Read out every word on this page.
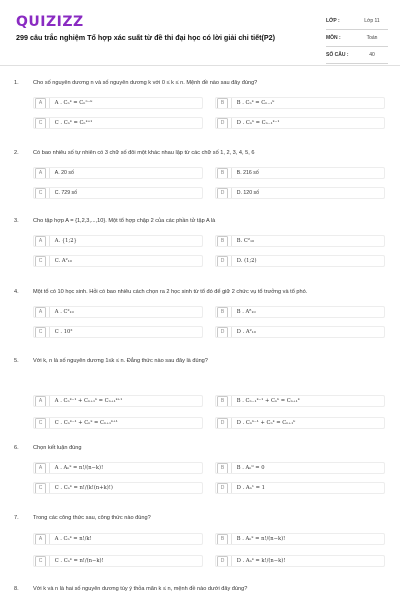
QUIZIZZ
299 câu trắc nghiệm Tổ hợp xác suất từ đề thi đại học có lời giải chi tiết(P2)
LỚP :	Lớp 11
MÔN :	Toán
SỐ CÂU :	40
1.	Cho số nguyên dương n và số nguyên dương k với 0 ≤ k ≤ n. Mệnh đề nào sau đây đúng?
A	A . Cₙᵏ = Cₙⁿ⁻ᵏ	B	B . Cₙᵏ = Cₙ₋₁ᵏ
C	C . Cₙᵏ = Cₙᵏ⁺¹	D	D . Cₙᵏ = Cₙ₋₁ᵏ⁻¹
2.	Có bao nhiêu số tự nhiên có 3 chữ số đôi một khác nhau lập từ các chữ số 1, 2, 3, 4, 5, 6
A	A. 20 số	B	B. 216 số
C	C. 729 số	D	D. 120 số
3.	Cho tập hợp A = {1,2,3,...,10}. Một tổ hợp chập 2 của các phần tử tập A là
A	A. {1;2}	B	B. C²₁₀
C	C. A²₁₀	D	D. (1;2)
4.	Một tổ có 10 học sinh. Hỏi có bao nhiêu cách chọn ra 2 học sinh từ tổ đó để giữ 2 chức vụ tổ trưởng và tổ phó.
A	A . C²₁₀	B	B . A⁸₁₀
C	C . 10²	D	D . A²₁₀
5.	Với k, n là số nguyên dương 1≤k ≤ n. Đẳng thức nào sau đây là đúng?
A	A . Cₙᵏ⁻¹ + Cₙ₊₁ᵏ = Cₙ₊₁ᵏ⁺¹	B	B . Cₙ₋₁ᵏ⁻¹ + Cₙᵏ = Cₙ₊₁ᵏ
C	C . Cₙᵏ⁻¹ + Cₙᵏ = Cₙ₊₁ᵏ⁺¹	D	D . Cₙᵏ⁻¹ + Cₙᵏ = Cₙ₊₁ᵏ
6.	Chọn kết luận đúng
A	A . Aₙᵏ = n!/(n−k)!	B	B . Aₙ⁰ = 0
C	C . Cₙᵏ = n!/(k!(n+k)!)	D	D . Aₙ¹ = 1
7.	Trong các công thức sau, công thức nào đúng?
A	A . Cₙᵏ = n!/k!	B	B . Aₙᵏ = n!/(n−k)!
C	C . Cₙᵏ = n!/(n−k)!	D	D . Aₙᵏ = k!/(n−k)!
8.	Với k và n là hai số nguyên dương tùy ý thỏa mãn k ≤ n, mệnh đề nào dưới đây đúng?
